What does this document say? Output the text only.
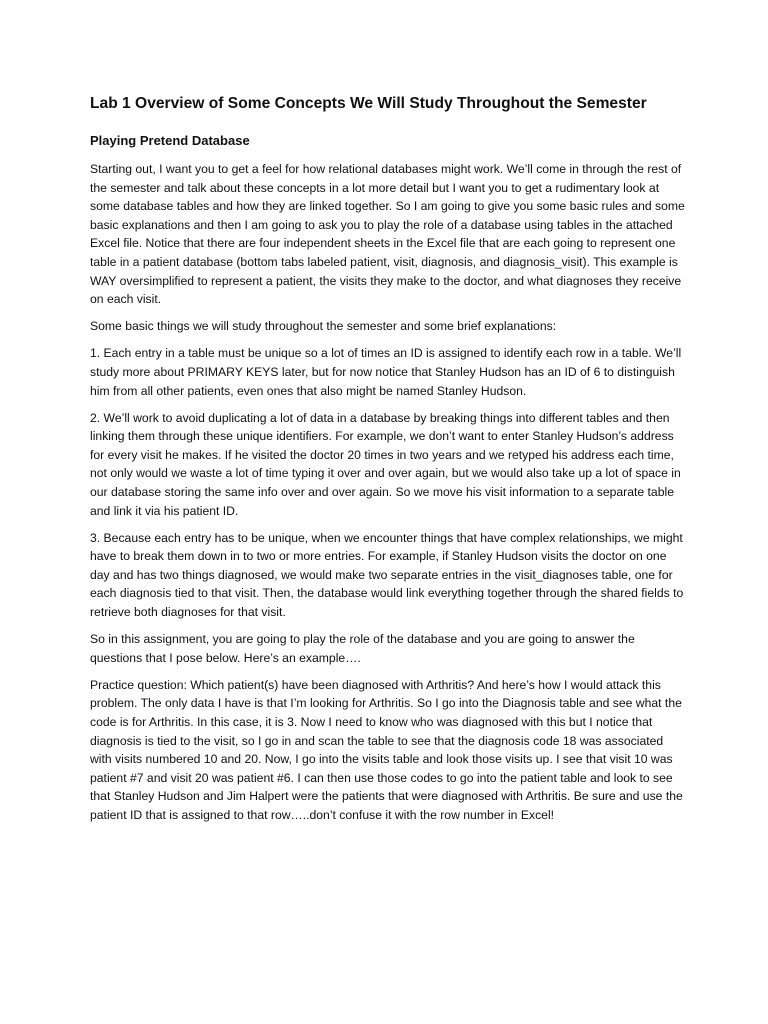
Lab 1 Overview of Some Concepts We Will Study Throughout the Semester
Playing Pretend Database

Starting out, I want you to get a feel for how relational databases might work. We’ll come in through the rest of the semester and talk about these concepts in a lot more detail but I want you to get a rudimentary look at some database tables and how they are linked together. So I am going to give you some basic rules and some basic explanations and then I am going to ask you to play the role of a database using tables in the attached Excel file. Notice that there are four independent sheets in the Excel file that are each going to represent one table in a patient database (bottom tabs labeled patient, visit, diagnosis, and diagnosis_visit). This example is WAY oversimplified to represent a patient, the visits they make to the doctor, and what diagnoses they receive on each visit.

Some basic things we will study throughout the semester and some brief explanations:

1. Each entry in a table must be unique so a lot of times an ID is assigned to identify each row in a table. We’ll study more about PRIMARY KEYS later, but for now notice that Stanley Hudson has an ID of 6 to distinguish him from all other patients, even ones that also might be named Stanley Hudson.

2. We’ll work to avoid duplicating a lot of data in a database by breaking things into different tables and then linking them through these unique identifiers. For example, we don’t want to enter Stanley Hudson’s address for every visit he makes. If he visited the doctor 20 times in two years and we retyped his address each time, not only would we waste a lot of time typing it over and over again, but we would also take up a lot of space in our database storing the same info over and over again. So we move his visit information to a separate table and link it via his patient ID.

3. Because each entry has to be unique, when we encounter things that have complex relationships, we might have to break them down in to two or more entries. For example, if Stanley Hudson visits the doctor on one day and has two things diagnosed, we would make two separate entries in the visit_diagnoses table, one for each diagnosis tied to that visit. Then, the database would link everything together through the shared fields to retrieve both diagnoses for that visit.

So in this assignment, you are going to play the role of the database and you are going to answer the questions that I pose below. Here’s an example….

Practice question: Which patient(s) have been diagnosed with Arthritis? And here’s how I would attack this problem. The only data I have is that I’m looking for Arthritis. So I go into the Diagnosis table and see what the code is for Arthritis. In this case, it is 3. Now I need to know who was diagnosed with this but I notice that diagnosis is tied to the visit, so I go in and scan the table to see that the diagnosis code 18 was associated with visits numbered 10 and 20. Now, I go into the visits table and look those visits up. I see that visit 10 was patient #7 and visit 20 was patient #6. I can then use those codes to go into the patient table and look to see that Stanley Hudson and Jim Halpert were the patients that were diagnosed with Arthritis. Be sure and use the patient ID that is assigned to that row…..don’t confuse it with the row number in Excel!
